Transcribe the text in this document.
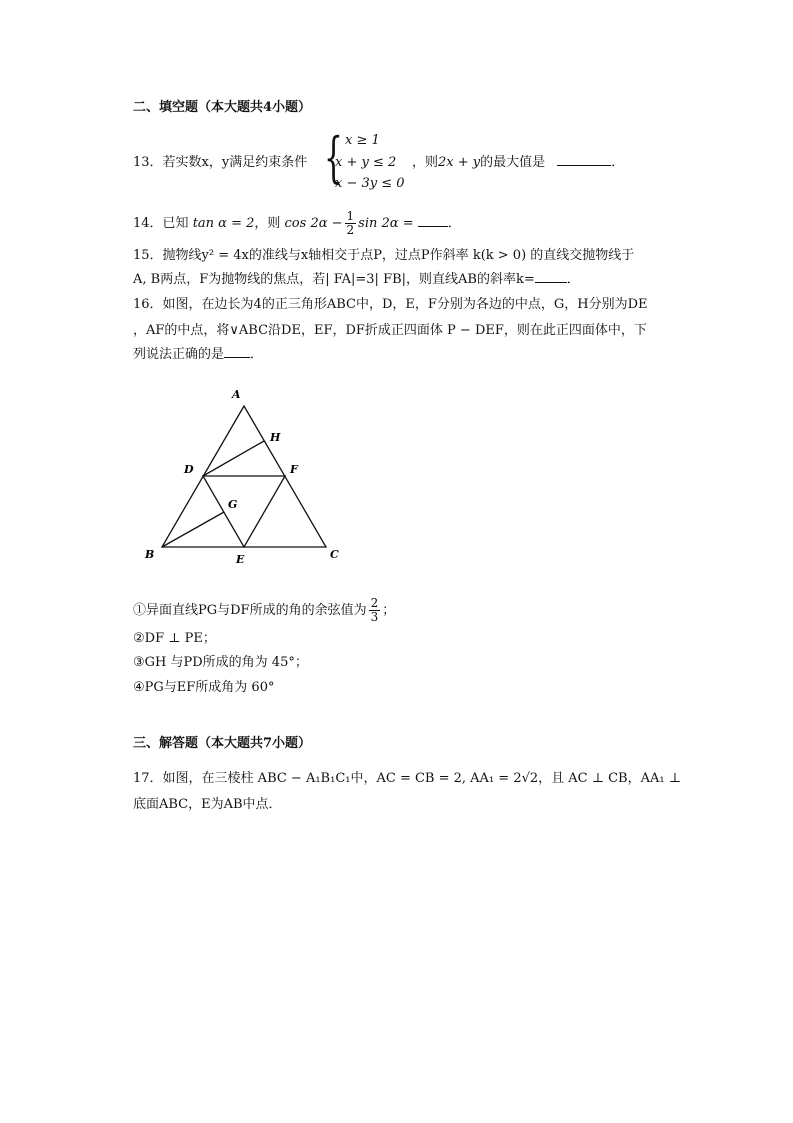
二、填空题（本大题共4小题）
13．若实数x，y满足约束条件 { x ≥ 1
x + y ≤ 2
x − 3y ≤ 0
，则2x + y的最大值是	．
14．已知 tan α = 2，则 $\cos 2\alpha - \frac{1}{2}$ sin 2α =	．
15．抛物线y² = 4x的准线与x轴相交于点P，过点P作斜率 k(k > 0) 的直线交抛物线于
A, B两点，F为抛物线的焦点，若| FA|=3| FB|，则直线AB的斜率k= ．
16．如图，在边长为4的正三角形ABC中，D，E，F分别为各边的中点，G，H分别为DE
，AF的中点，将∨ABC沿DE，EF，DF折成正四面体 P − DEF，则在此正四面体中，下
列说法正确的是 ．
A
B	C
D
E
F
G
H
①异面直线PG与DF所成的角的余弦值为 $\frac{2}{3}$ ；
②DF ⊥ PE；
③GH 与PD所成的角为 45°；
④PG与EF所成角为 60°
三、解答题（本大题共7小题）
17．如图，在三棱柱 ABC − A₁B₁C₁中，AC = CB = 2, AA₁ = 2√2，且 AC ⊥ CB，AA₁ ⊥
底面ABC，E为AB中点．
